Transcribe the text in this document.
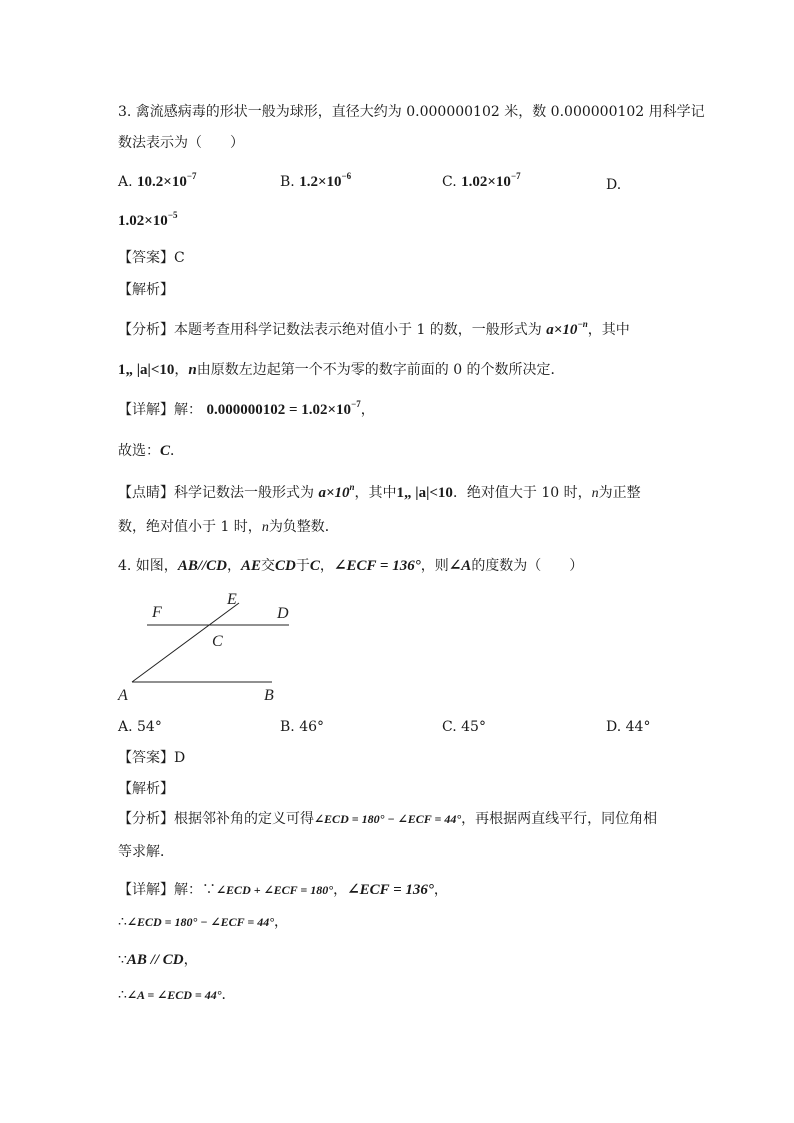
3. 禽流感病毒的形状一般为球形，直径大约为 0.000000102 米，数 0.000000102 用科学记
数法表示为（　　）
A. $10.2\times 10^{-7}$	B. $1.2\times 10^{-6}$	C. $1.02\times 10^{-7}$
D.
$1.02\times 10^{-5}$
【答案】C
【解析】
【分析】本题考查用科学记数法表示绝对值小于 1 的数，一般形式为 $a\times 10^{-n}$，其中
1„ |a|<10，n由原数左边起第一个不为零的数字前面的 0 的个数所决定．
【详解】解： $0.000000102 = 1.02\times 10^{-7}$，
故选：C．
【点睛】科学记数法一般形式为 $a\times 10^n$，其中1„ |a|<10．绝对值大于 10 时，n为正整
数，绝对值小于 1 时，n为负整数．
4. 如图，AB//CD，AE交CD于C，∠ECF = 136°，则∠A的度数为（　　）
F
E
D
C
A	B
A. 54°	B. 46°	C. 45°	D. 44°
【答案】D
【解析】
【分析】根据邻补角的定义可得∠ECD = 180° − ∠ECF = 44°，再根据两直线平行，同位角相
等求解．
【详解】解：∵∠ECD + ∠ECF = 180°，∠ECF = 136°，
∴∠ECD = 180° − ∠ECF = 44°，
∵AB // CD，
∴∠A = ∠ECD = 44°．
